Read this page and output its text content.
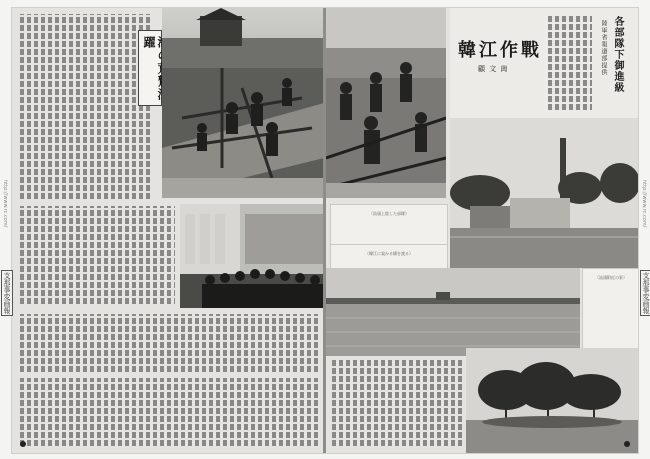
躍	韓江作戰
顧 文 崗	各部隊下御進級
陸軍省報道部提供
（汕頭上陸した部隊）
（韓江に架かる橋を渡る）
（汕頭附近の景）
http://www.rc.com/
支那事変画報
http://www.rc.com/
支那事変画報
